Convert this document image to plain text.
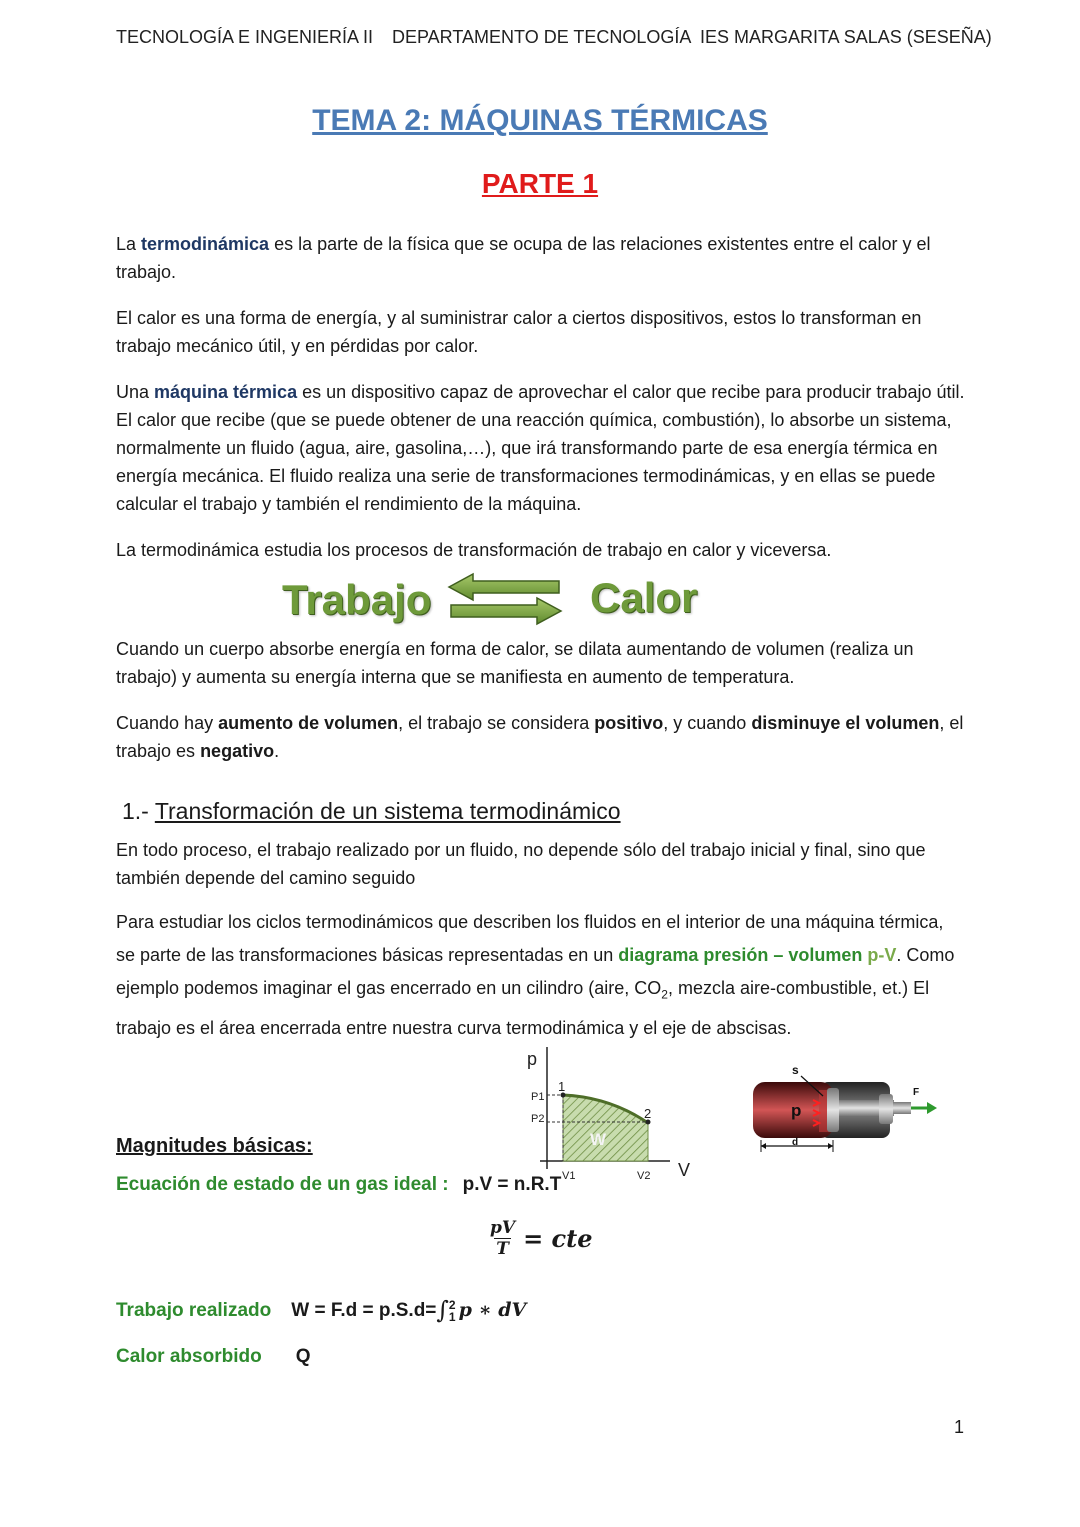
TECNOLOGÍA E INGENIERÍA II DEPARTAMENTO DE TECNOLOGÍA IES MARGARITA SALAS (SESEÑA)
TEMA 2: MÁQUINAS TÉRMICAS
PARTE 1

La termodinámica es la parte de la física que se ocupa de las relaciones existentes entre el calor y el trabajo.

El calor es una forma de energía, y al suministrar calor a ciertos dispositivos, estos lo transforman en trabajo mecánico útil, y en pérdidas por calor.

Una máquina térmica es un dispositivo capaz de aprovechar el calor que recibe para producir trabajo útil. El calor que recibe (que se puede obtener de una reacción química, combustión), lo absorbe un sistema, normalmente un fluido (agua, aire, gasolina,…), que irá transformando parte de esa energía térmica en energía mecánica. El fluido realiza una serie de transformaciones termodinámicas, y en ellas se puede calcular el trabajo y también el rendimiento de la máquina.

La termodinámica estudia los procesos de transformación de trabajo en calor y viceversa.

Trabajo	Calor

Cuando un cuerpo absorbe energía en forma de calor, se dilata aumentando de volumen (realiza un trabajo) y aumenta su energía interna que se manifiesta en aumento de temperatura.

Cuando hay aumento de volumen, el trabajo se considera positivo, y cuando disminuye el volumen, el trabajo es negativo.

1.- Transformación de un sistema termodinámico

En todo proceso, el trabajo realizado por un fluido, no depende sólo del trabajo inicial y final, sino que también depende del camino seguido

Para estudiar los ciclos termodinámicos que describen los fluidos en el interior de una máquina térmica, se parte de las transformaciones básicas representadas en un diagrama presión – volumen p-V. Como ejemplo podemos imaginar el gas encerrado en un cilindro (aire, $CO_2$, mezcla aire-combustible, et.) El trabajo es el área encerrada entre nuestra curva termodinámica y el eje de abscisas.

p
V
P1
P2
V1	V2
1
2
W
s
p
d
F
Magnitudes básicas:
Ecuación de estado de un gas ideal : p.V = n.R.T
$\frac{pV}{T}$ = cte
Trabajo realizado W = F.d = p.S.d=∫ 2
1 p ∗ dV
Calor absorbido Q
1
